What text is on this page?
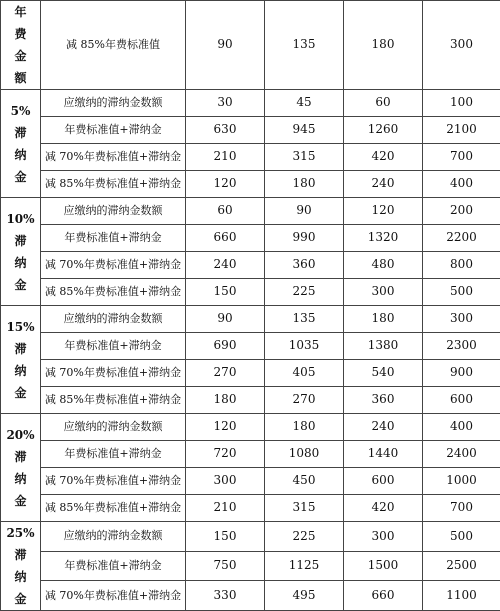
年
费
金
额	减 85%年费标准值	90	135	180	300

5%
滞
纳
金	应缴纳的滞纳金数额	30	45	60	100
	年费标准值+滞纳金	630	945	1260	2100
	减 70%年费标准值+滞纳金	210	315	420	700
	减 85%年费标准值+滞纳金	120	180	240	400

10%
滞
纳
金	应缴纳的滞纳金数额	60	90	120	200
	年费标准值+滞纳金	660	990	1320	2200
	减 70%年费标准值+滞纳金	240	360	480	800
	减 85%年费标准值+滞纳金	150	225	300	500

15%
滞
纳
金	应缴纳的滞纳金数额	90	135	180	300
	年费标准值+滞纳金	690	1035	1380	2300
	减 70%年费标准值+滞纳金	270	405	540	900
	减 85%年费标准值+滞纳金	180	270	360	600

20%
滞
纳
金	应缴纳的滞纳金数额	120	180	240	400
	年费标准值+滞纳金	720	1080	1440	2400
	减 70%年费标准值+滞纳金	300	450	600	1000
	减 85%年费标准值+滞纳金	210	315	420	700

25%
滞
纳
金	应缴纳的滞纳金数额	150	225	300	500
	年费标准值+滞纳金	750	1125	1500	2500
	减 70%年费标准值+滞纳金	330	495	660	1100
